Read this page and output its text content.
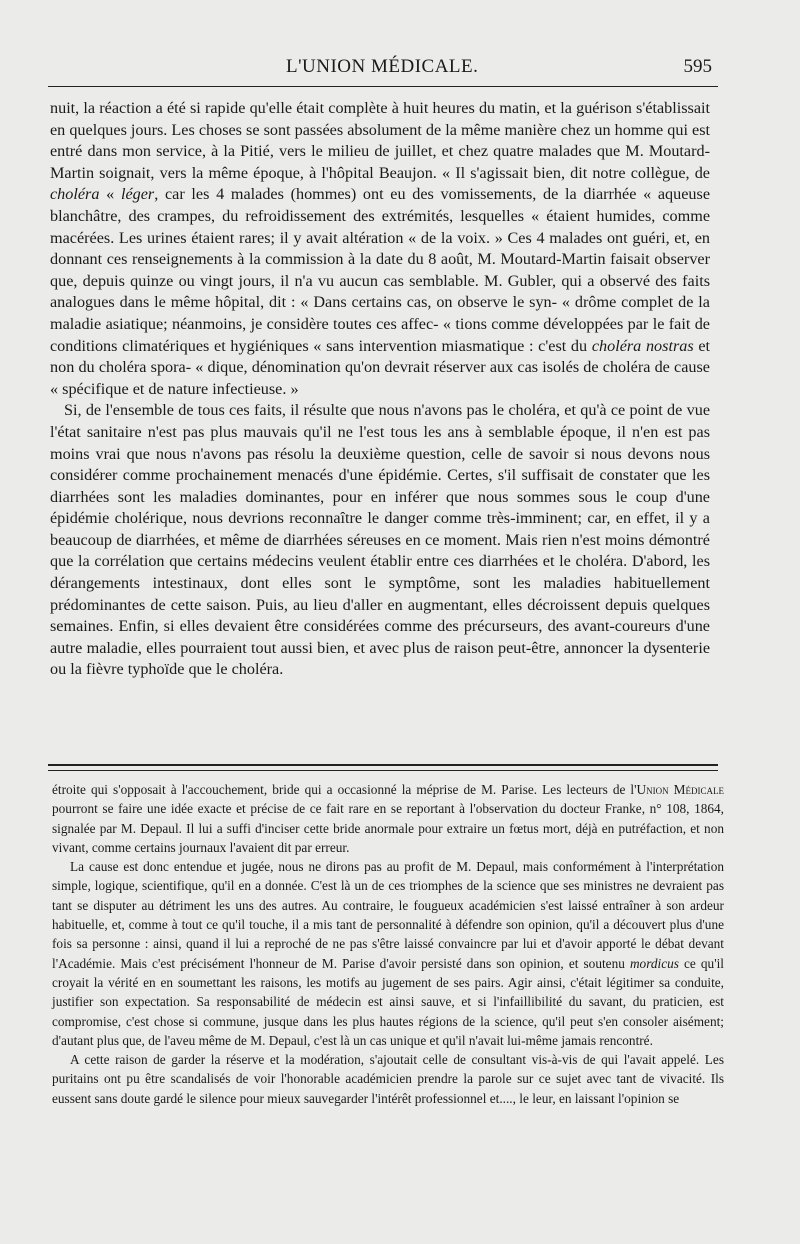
L'UNION MÉDICALE.	595

nuit, la réaction a été si rapide qu'elle était complète à huit heures du matin, et la guérison s'établissait en quelques jours. Les choses se sont passées absolument de la même manière chez un homme qui est entré dans mon service, à la Pitié, vers le milieu de juillet, et chez quatre malades que M. Moutard-Martin soignait, vers la même époque, à l'hôpital Beaujon. « Il s'agissait bien, dit notre collègue, de choléra « léger, car les 4 malades (hommes) ont eu des vomissements, de la diarrhée « aqueuse blanchâtre, des crampes, du refroidissement des extrémités, lesquelles « étaient humides, comme macérées. Les urines étaient rares; il y avait altération « de la voix. » Ces 4 malades ont guéri, et, en donnant ces renseignements à la commission à la date du 8 août, M. Moutard-Martin faisait observer que, depuis quinze ou vingt jours, il n'a vu aucun cas semblable. M. Gubler, qui a observé des faits analogues dans le même hôpital, dit : « Dans certains cas, on observe le syn- « drôme complet de la maladie asiatique; néanmoins, je considère toutes ces affec- « tions comme développées par le fait de conditions climatériques et hygiéniques « sans intervention miasmatique : c'est du choléra nostras et non du choléra spora- « dique, dénomination qu'on devrait réserver aux cas isolés de choléra de cause « spécifique et de nature infectieuse. »

Si, de l'ensemble de tous ces faits, il résulte que nous n'avons pas le choléra, et qu'à ce point de vue l'état sanitaire n'est pas plus mauvais qu'il ne l'est tous les ans à semblable époque, il n'en est pas moins vrai que nous n'avons pas résolu la deuxième question, celle de savoir si nous devons nous considérer comme prochainement menacés d'une épidémie. Certes, s'il suffisait de constater que les diarrhées sont les maladies dominantes, pour en inférer que nous sommes sous le coup d'une épidémie cholérique, nous devrions reconnaître le danger comme très-imminent; car, en effet, il y a beaucoup de diarrhées, et même de diarrhées séreuses en ce moment. Mais rien n'est moins démontré que la corrélation que certains médecins veulent établir entre ces diarrhées et le choléra. D'abord, les dérangements intestinaux, dont elles sont le symptôme, sont les maladies habituellement prédominantes de cette saison. Puis, au lieu d'aller en augmentant, elles décroissent depuis quelques semaines. Enfin, si elles devaient être considérées comme des précurseurs, des avant-coureurs d'une autre maladie, elles pourraient tout aussi bien, et avec plus de raison peut-être, annoncer la dysenterie ou la fièvre typhoïde que le choléra.

étroite qui s'opposait à l'accouchement, bride qui a occasionné la méprise de M. Parise. Les lecteurs de l'Union Médicale pourront se faire une idée exacte et précise de ce fait rare en se reportant à l'observation du docteur Franke, n° 108, 1864, signalée par M. Depaul. Il lui a suffi d'inciser cette bride anormale pour extraire un fœtus mort, déjà en putréfaction, et non vivant, comme certains journaux l'avaient dit par erreur.

La cause est donc entendue et jugée, nous ne dirons pas au profit de M. Depaul, mais conformément à l'interprétation simple, logique, scientifique, qu'il en a donnée. C'est là un de ces triomphes de la science que ses ministres ne devraient pas tant se disputer au détriment les uns des autres. Au contraire, le fougueux académicien s'est laissé entraîner à son ardeur habituelle, et, comme à tout ce qu'il touche, il a mis tant de personnalité à défendre son opinion, qu'il a découvert plus d'une fois sa personne : ainsi, quand il lui a reproché de ne pas s'être laissé convaincre par lui et d'avoir apporté le débat devant l'Académie. Mais c'est précisément l'honneur de M. Parise d'avoir persisté dans son opinion, et soutenu mordicus ce qu'il croyait la vérité en en soumettant les raisons, les motifs au jugement de ses pairs. Agir ainsi, c'était légitimer sa conduite, justifier son expectation. Sa responsabilité de médecin est ainsi sauve, et si l'infaillibilité du savant, du praticien, est compromise, c'est chose si commune, jusque dans les plus hautes régions de la science, qu'il peut s'en consoler aisément; d'autant plus que, de l'aveu même de M. Depaul, c'est là un cas unique et qu'il n'avait lui-même jamais rencontré.

A cette raison de garder la réserve et la modération, s'ajoutait celle de consultant vis-à-vis de qui l'avait appelé. Les puritains ont pu être scandalisés de voir l'honorable académicien prendre la parole sur ce sujet avec tant de vivacité. Ils eussent sans doute gardé le silence pour mieux sauvegarder l'intérêt professionnel et...., le leur, en laissant l'opinion se
